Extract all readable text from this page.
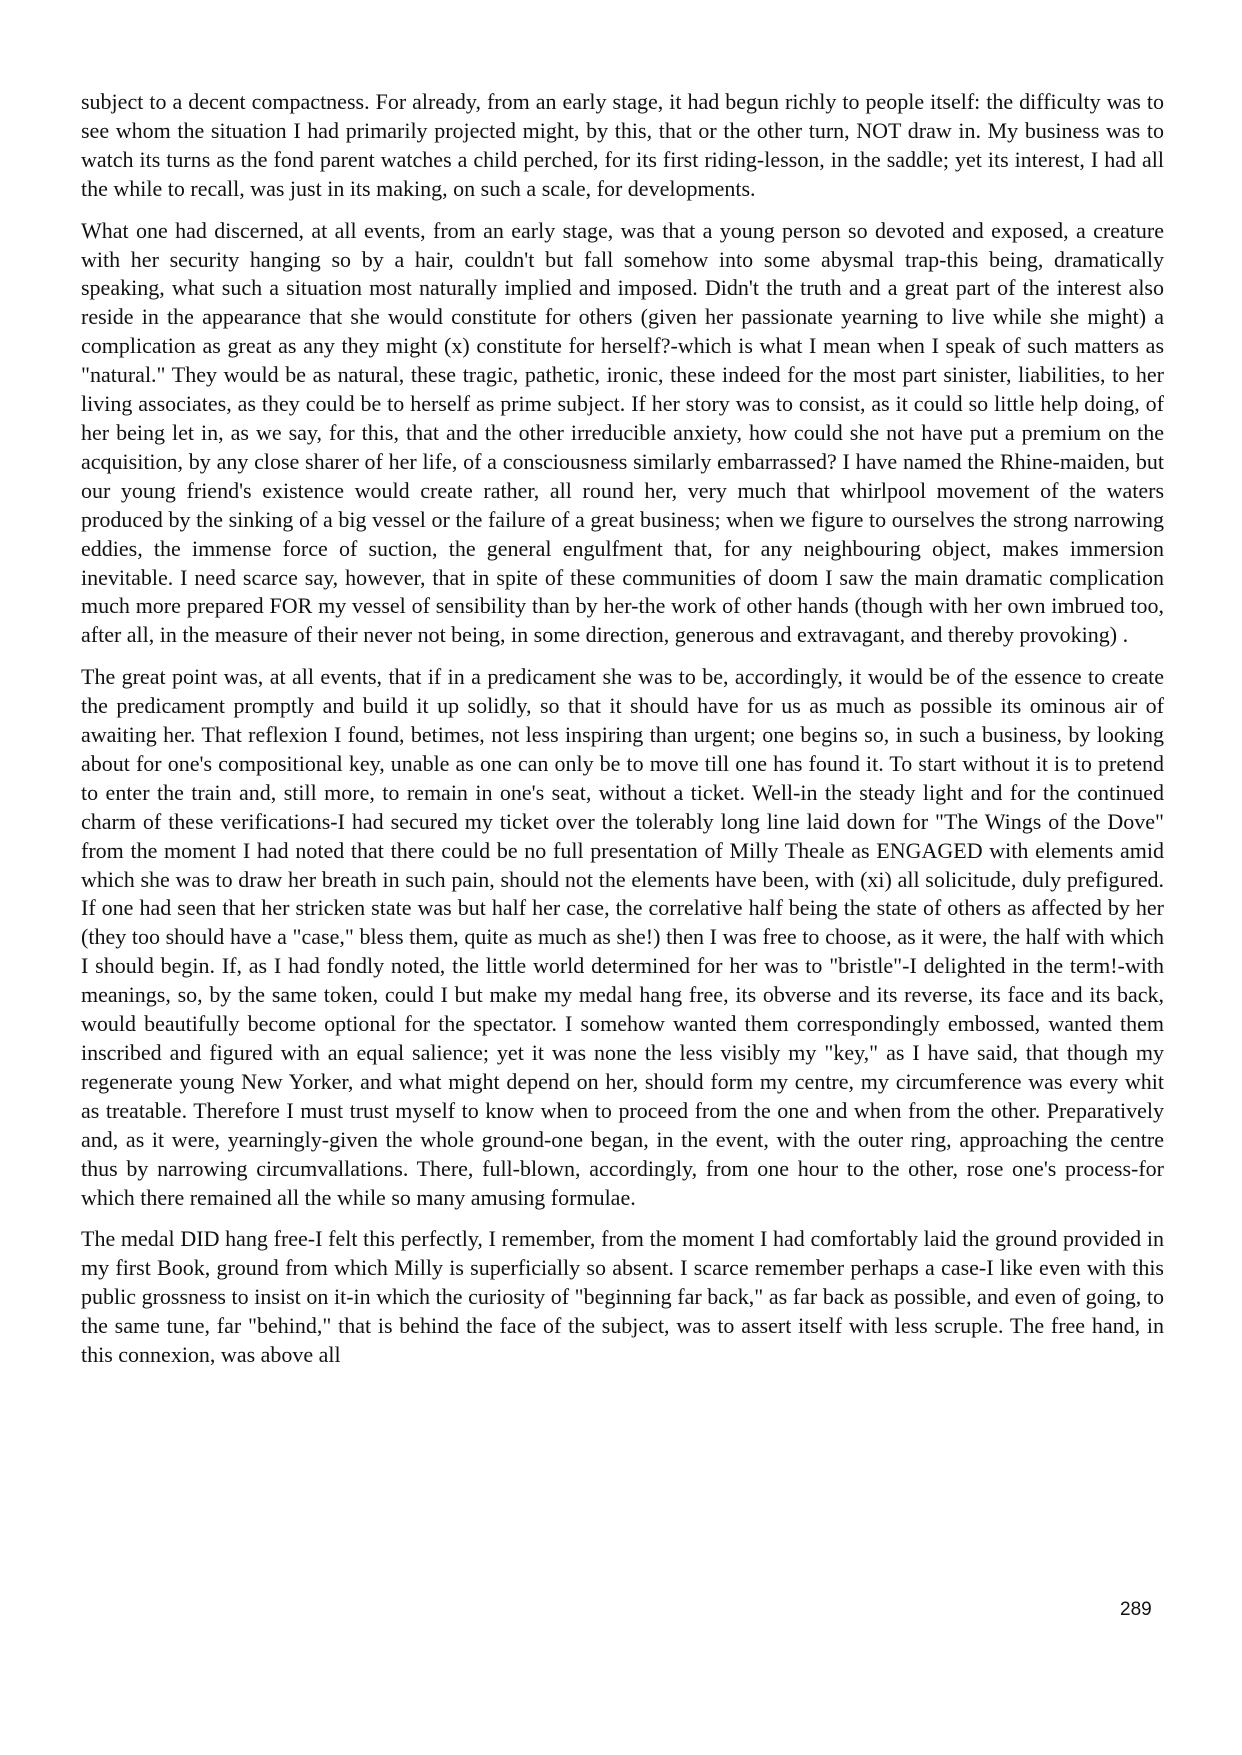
subject to a decent compactness. For already, from an early stage, it had begun richly to people itself: the difficulty was to see whom the situation I had primarily projected might, by this, that or the other turn, NOT draw in. My business was to watch its turns as the fond parent watches a child perched, for its first riding-lesson, in the saddle; yet its interest, I had all the while to recall, was just in its making, on such a scale, for developments.

What one had discerned, at all events, from an early stage, was that a young person so devoted and exposed, a creature with her security hanging so by a hair, couldn't but fall somehow into some abysmal trap-this being, dramatically speaking, what such a situation most naturally implied and imposed. Didn't the truth and a great part of the interest also reside in the appearance that she would constitute for others (given her passionate yearning to live while she might) a complication as great as any they might (x) constitute for herself?-which is what I mean when I speak of such matters as "natural." They would be as natural, these tragic, pathetic, ironic, these indeed for the most part sinister, liabilities, to her living associates, as they could be to herself as prime subject. If her story was to consist, as it could so little help doing, of her being let in, as we say, for this, that and the other irreducible anxiety, how could she not have put a premium on the acquisition, by any close sharer of her life, of a consciousness similarly embarrassed? I have named the Rhine-maiden, but our young friend's existence would create rather, all round her, very much that whirlpool movement of the waters produced by the sinking of a big vessel or the failure of a great business; when we figure to ourselves the strong narrowing eddies, the immense force of suction, the general engulfment that, for any neighbouring object, makes immersion inevitable. I need scarce say, however, that in spite of these communities of doom I saw the main dramatic complication much more prepared FOR my vessel of sensibility than by her-the work of other hands (though with her own imbrued too, after all, in the measure of their never not being, in some direction, generous and extravagant, and thereby provoking) .

The great point was, at all events, that if in a predicament she was to be, accordingly, it would be of the essence to create the predicament promptly and build it up solidly, so that it should have for us as much as possible its ominous air of awaiting her. That reflexion I found, betimes, not less inspiring than urgent; one begins so, in such a business, by looking about for one's compositional key, unable as one can only be to move till one has found it. To start without it is to pretend to enter the train and, still more, to remain in one's seat, without a ticket. Well-in the steady light and for the continued charm of these verifications-I had secured my ticket over the tolerably long line laid down for "The Wings of the Dove" from the moment I had noted that there could be no full presentation of Milly Theale as ENGAGED with elements amid which she was to draw her breath in such pain, should not the elements have been, with (xi) all solicitude, duly prefigured. If one had seen that her stricken state was but half her case, the correlative half being the state of others as affected by her (they too should have a "case," bless them, quite as much as she!) then I was free to choose, as it were, the half with which I should begin. If, as I had fondly noted, the little world determined for her was to "bristle"-I delighted in the term!-with meanings, so, by the same token, could I but make my medal hang free, its obverse and its reverse, its face and its back, would beautifully become optional for the spectator. I somehow wanted them correspondingly embossed, wanted them inscribed and figured with an equal salience; yet it was none the less visibly my "key," as I have said, that though my regenerate young New Yorker, and what might depend on her, should form my centre, my circumference was every whit as treatable. Therefore I must trust myself to know when to proceed from the one and when from the other. Preparatively and, as it were, yearningly-given the whole ground-one began, in the event, with the outer ring, approaching the centre thus by narrowing circumvallations. There, full-blown, accordingly, from one hour to the other, rose one's process-for which there remained all the while so many amusing formulae.

The medal DID hang free-I felt this perfectly, I remember, from the moment I had comfortably laid the ground provided in my first Book, ground from which Milly is superficially so absent. I scarce remember perhaps a case-I like even with this public grossness to insist on it-in which the curiosity of "beginning far back," as far back as possible, and even of going, to the same tune, far "behind," that is behind the face of the subject, was to assert itself with less scruple. The free hand, in this connexion, was above all

289
